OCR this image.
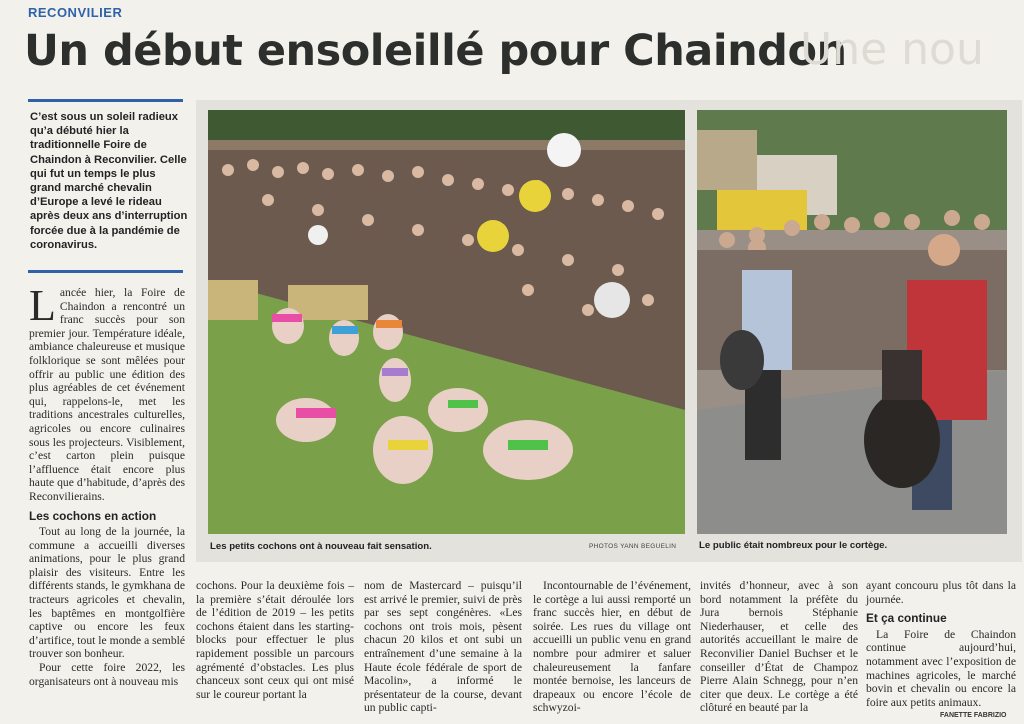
RECONVILIER
Un début ensoleillé pour Chaindon
Une nou
C’est sous un soleil radieux qu’a débuté hier la traditionnelle Foire de Chaindon à Reconvilier. Celle qui fut un temps le plus grand marché chevalin d’Europe a levé le rideau après deux ans d’interruption forcée due à la pandémie de coronavirus.
L ancée hier, la Foire de Chaindon a rencontré un franc succès pour son premier jour. Température idéale, ambiance chaleureuse et musique folklorique se sont mêlées pour offrir au public une édition des plus agréables de cet événement qui, rappelons-le, met les traditions ancestrales culturelles, agricoles ou encore culinaires sous les projecteurs. Visiblement, c’est carton plein puisque l’affluence était encore plus haute que d’habitude, d’après des Reconvilierains.

Les cochons en action

Tout au long de la journée, la commune a accueilli diverses animations, pour le plus grand plaisir des visiteurs. Entre les différents stands, le gymkhana de tracteurs agricoles et chevalin, les baptêmes en montgolfière captive ou encore les feux d’artifice, tout le monde a semblé trouver son bonheur.

Pour cette foire 2022, les organisateurs ont à nouveau mis

Les petits cochons ont à nouveau fait sensation.	PHOTOS YANN BEGUELIN Le public était nombreux pour le cortège.

cochons. Pour la deuxième fois – la première s’était déroulée lors de l’édition de 2019 – les petits cochons étaient dans les starting-blocks pour effectuer le plus rapidement possible un parcours agrémenté d’obstacles. Les plus chanceux sont ceux qui ont misé sur le coureur portant la

nom de Mastercard – puisqu’il est arrivé le premier, suivi de près par ses sept congénères. «Les cochons ont trois mois, pèsent chacun 20 kilos et ont subi un entraînement d’une semaine à la Haute école fédérale de sport de Macolin», a informé le présentateur de la course, devant un public capti-

Incontournable de l’événement, le cortège a lui aussi remporté un franc succès hier, en début de soirée. Les rues du village ont accueilli un public venu en grand nombre pour admirer et saluer chaleureusement la fanfare montée bernoise, les lanceurs de drapeaux ou encore l’école de schwyzoi-

invités d’honneur, avec à son bord notamment la préfète du Jura bernois Stéphanie Niederhauser, et celle des autorités accueillant le maire de Reconvilier Daniel Buchser et le conseiller d’État de Champoz Pierre Alain Schnegg, pour n’en citer que deux. Le cortège a été clôturé en beauté par la

ayant concouru plus tôt dans la journée.

Et ça continue

La Foire de Chaindon continue aujourd’hui, notamment avec l’exposition de machines agricoles, le marché bovin et chevalin ou encore la foire aux petits animaux.

FANETTE FABRIZIO
